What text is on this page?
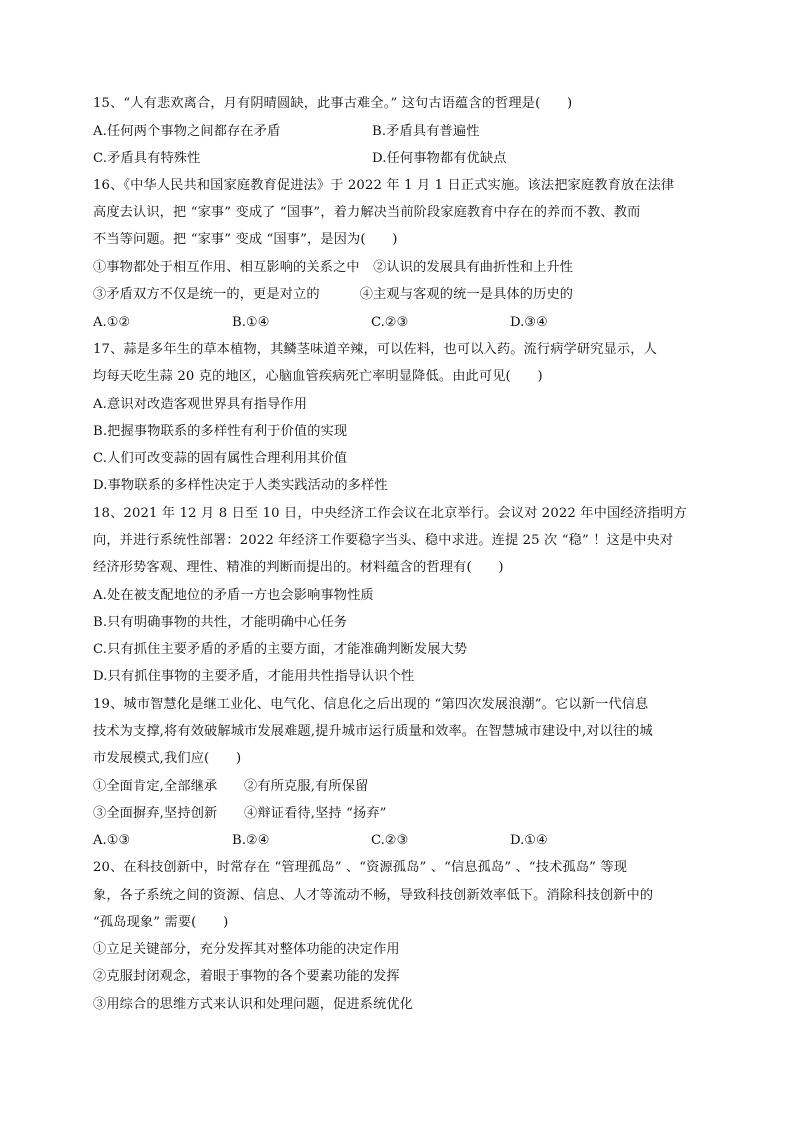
15、“人有悲欢离合，月有阴晴圆缺，此事古难全。” 这句古语蕴含的哲理是(　　)
A.任何两个事物之间都存在矛盾	B.矛盾具有普遍性
C.矛盾具有特殊性	D.任何事物都有优缺点
16、《中华人民共和国家庭教育促进法》于 2022 年 1 月 1 日正式实施。该法把家庭教育放在法律
高度去认识，把 “家事” 变成了 “国事”，着力解决当前阶段家庭教育中存在的养而不教、教而
不当等问题。把 “家事” 变成 “国事”，是因为(　　)
①事物都处于相互作用、相互影响的关系之中　②认识的发展具有曲折性和上升性
③矛盾双方不仅是统一的，更是对立的　　　④主观与客观的统一是具体的历史的
A.①②	B.①④	C.②③	D.③④
17、蒜是多年生的草本植物，其鳞茎味道辛辣，可以佐料，也可以入药。流行病学研究显示，人
均每天吃生蒜 20 克的地区，心脑血管疾病死亡率明显降低。由此可见(　　)
A.意识对改造客观世界具有指导作用
B.把握事物联系的多样性有利于价值的实现
C.人们可改变蒜的固有属性合理利用其价值
D.事物联系的多样性决定于人类实践活动的多样性
18、2021 年 12 月 8 日至 10 日，中央经济工作会议在北京举行。会议对 2022 年中国经济指明方
向，并进行系统性部署：2022 年经济工作要稳字当头、稳中求进。连提 25 次 “稳” ！这是中央对
经济形势客观、理性、精准的判断而提出的。材料蕴含的哲理有(　　)
A.处在被支配地位的矛盾一方也会影响事物性质
B.只有明确事物的共性，才能明确中心任务
C.只有抓住主要矛盾的矛盾的主要方面，才能准确判断发展大势
D.只有抓住事物的主要矛盾，才能用共性指导认识个性
19、城市智慧化是继工业化、电气化、信息化之后出现的 “第四次发展浪潮”。它以新一代信息
技术为支撑,将有效破解城市发展难题,提升城市运行质量和效率。在智慧城市建设中,对以往的城
市发展模式,我们应(　　)
①全面肯定,全部继承　　②有所克服,有所保留
③全面摒弃,坚持创新　　④辩证看待,坚持 “扬弃”
A.①③	B.②④	C.②③	D.①④
20、在科技创新中，时常存在 “管理孤岛” 、“资源孤岛” 、“信息孤岛” 、“技术孤岛” 等现
象，各子系统之间的资源、信息、人才等流动不畅，导致科技创新效率低下。消除科技创新中的
“孤岛现象” 需要(　　)
①立足关键部分，充分发挥其对整体功能的决定作用
②克服封闭观念，着眼于事物的各个要素功能的发挥
③用综合的思维方式来认识和处理问题，促进系统优化
